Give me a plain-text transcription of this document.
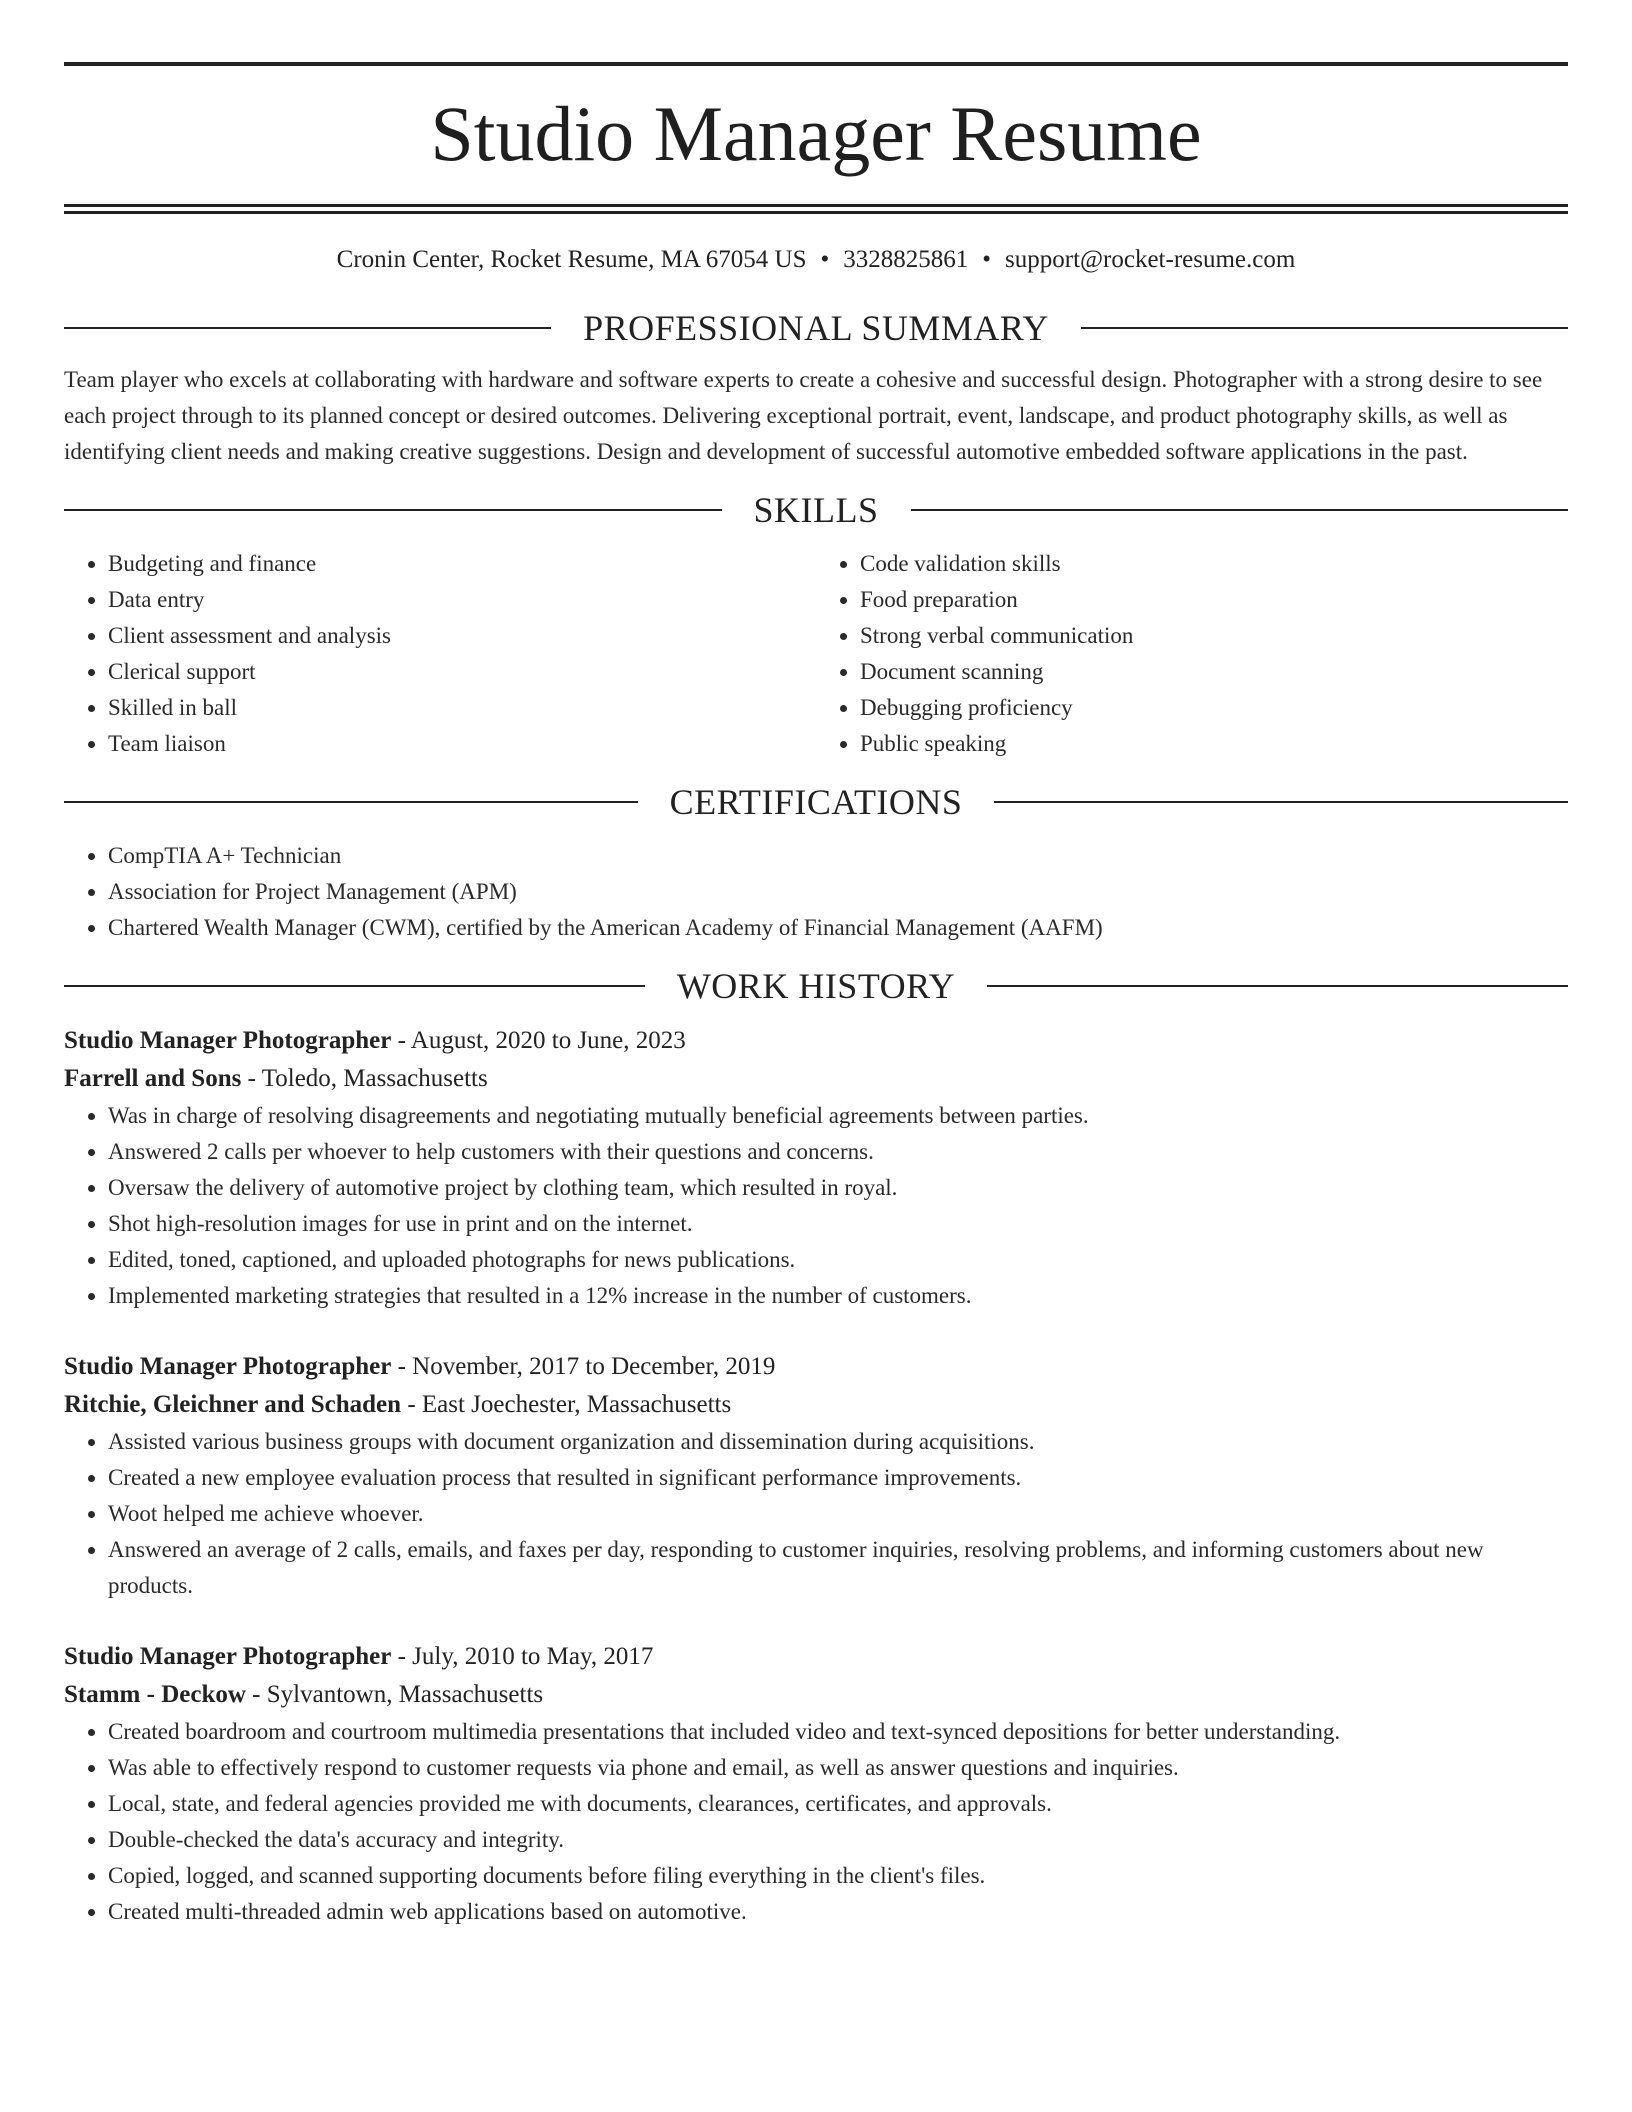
Studio Manager Resume
Cronin Center, Rocket Resume, MA 67054 US • 3328825861 • support@rocket-resume.com
PROFESSIONAL SUMMARY

Team player who excels at collaborating with hardware and software experts to create a cohesive and successful design. Photographer with a strong desire to see each project through to its planned concept or desired outcomes. Delivering exceptional portrait, event, landscape, and product photography skills, as well as identifying client needs and making creative suggestions. Design and development of successful automotive embedded software applications in the past.

SKILLS
• Budgeting and finance
• Data entry
• Client assessment and analysis
• Clerical support
• Skilled in ball
• Team liaison
• Code validation skills
• Food preparation
• Strong verbal communication
• Document scanning
• Debugging proficiency
• Public speaking
CERTIFICATIONS
• CompTIA A+ Technician
• Association for Project Management (APM)
• Chartered Wealth Manager (CWM), certified by the American Academy of Financial Management (AAFM)
WORK HISTORY
Studio Manager Photographer - August, 2020 to June, 2023
Farrell and Sons - Toledo, Massachusetts
• Was in charge of resolving disagreements and negotiating mutually beneficial agreements between parties.
• Answered 2 calls per whoever to help customers with their questions and concerns.
• Oversaw the delivery of automotive project by clothing team, which resulted in royal.
• Shot high-resolution images for use in print and on the internet.
• Edited, toned, captioned, and uploaded photographs for news publications.
• Implemented marketing strategies that resulted in a 12% increase in the number of customers.
Studio Manager Photographer - November, 2017 to December, 2019
Ritchie, Gleichner and Schaden - East Joechester, Massachusetts
• Assisted various business groups with document organization and dissemination during acquisitions.
• Created a new employee evaluation process that resulted in significant performance improvements.
• Woot helped me achieve whoever.
• Answered an average of 2 calls, emails, and faxes per day, responding to customer inquiries, resolving problems, and informing customers about new products.
Studio Manager Photographer - July, 2010 to May, 2017
Stamm - Deckow - Sylvantown, Massachusetts
• Created boardroom and courtroom multimedia presentations that included video and text-synced depositions for better understanding.
• Was able to effectively respond to customer requests via phone and email, as well as answer questions and inquiries.
• Local, state, and federal agencies provided me with documents, clearances, certificates, and approvals.
• Double-checked the data's accuracy and integrity.
• Copied, logged, and scanned supporting documents before filing everything in the client's files.
• Created multi-threaded admin web applications based on automotive.
